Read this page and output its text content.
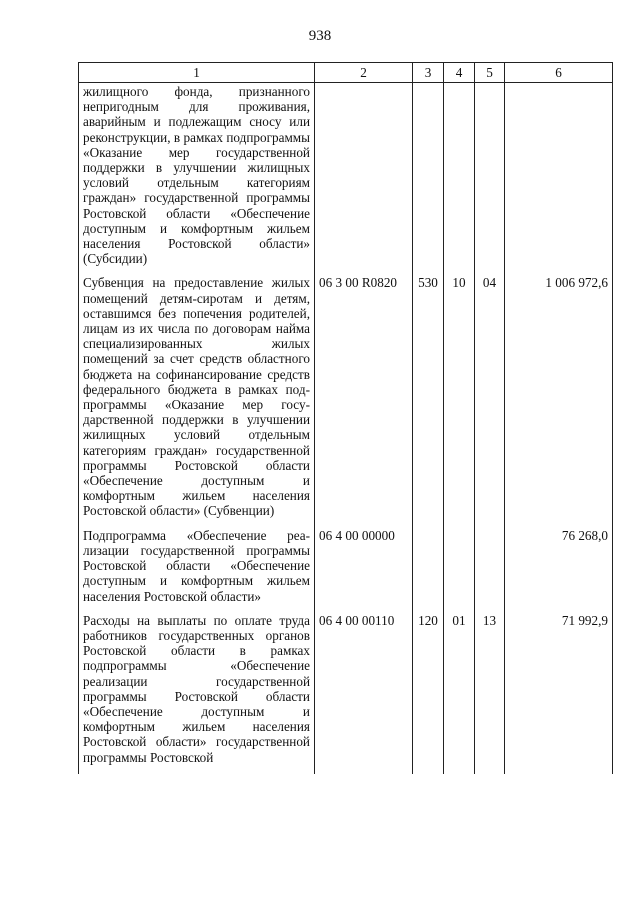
938
1	2	3	4	5	6
жилищного фонда, признанного непригодным для проживания, аварийным и подлежащим сносу или реконструкции, в рамках подпрограммы «Оказание мер государственной поддержки в улучшении жилищных условий отдельным категориям граждан» государственной программы Ростовской области «Обеспечение доступным и комфортным жильем населения Ростовской области» (Субсидии)					
Субвенция на предоставление жилых помещений детям-сиротам и детям, оставшимся без попечения родителей, лицам из их числа по договорам найма специализированных жилых помещений за счет средств областного бюджета на софинансирование средств федерального бюджета в рамках подпрограммы «Оказание мер государственной поддержки в улучшении жилищных условий отдельным категориям граждан» государственной программы Ростовской области «Обеспечение доступным и комфортным жильем населения Ростовской области» (Субвенции)	06 3 00 R0820	530	10	04	1 006 972,6
Подпрограмма «Обеспечение реализации государственной программы Ростовской области «Обеспечение доступным и комфортным жильем населения Ростовской области»	06 4 00 00000				76 268,0
Расходы на выплаты по оплате труда работников государственных органов Ростовской области в рамках подпрограммы «Обеспечение реализации государственной программы Ростовской области «Обеспечение доступным и комфортным жильем населения Ростовской области» государственной программы Ростовской	06 4 00 00110	120	01	13	71 992,9
